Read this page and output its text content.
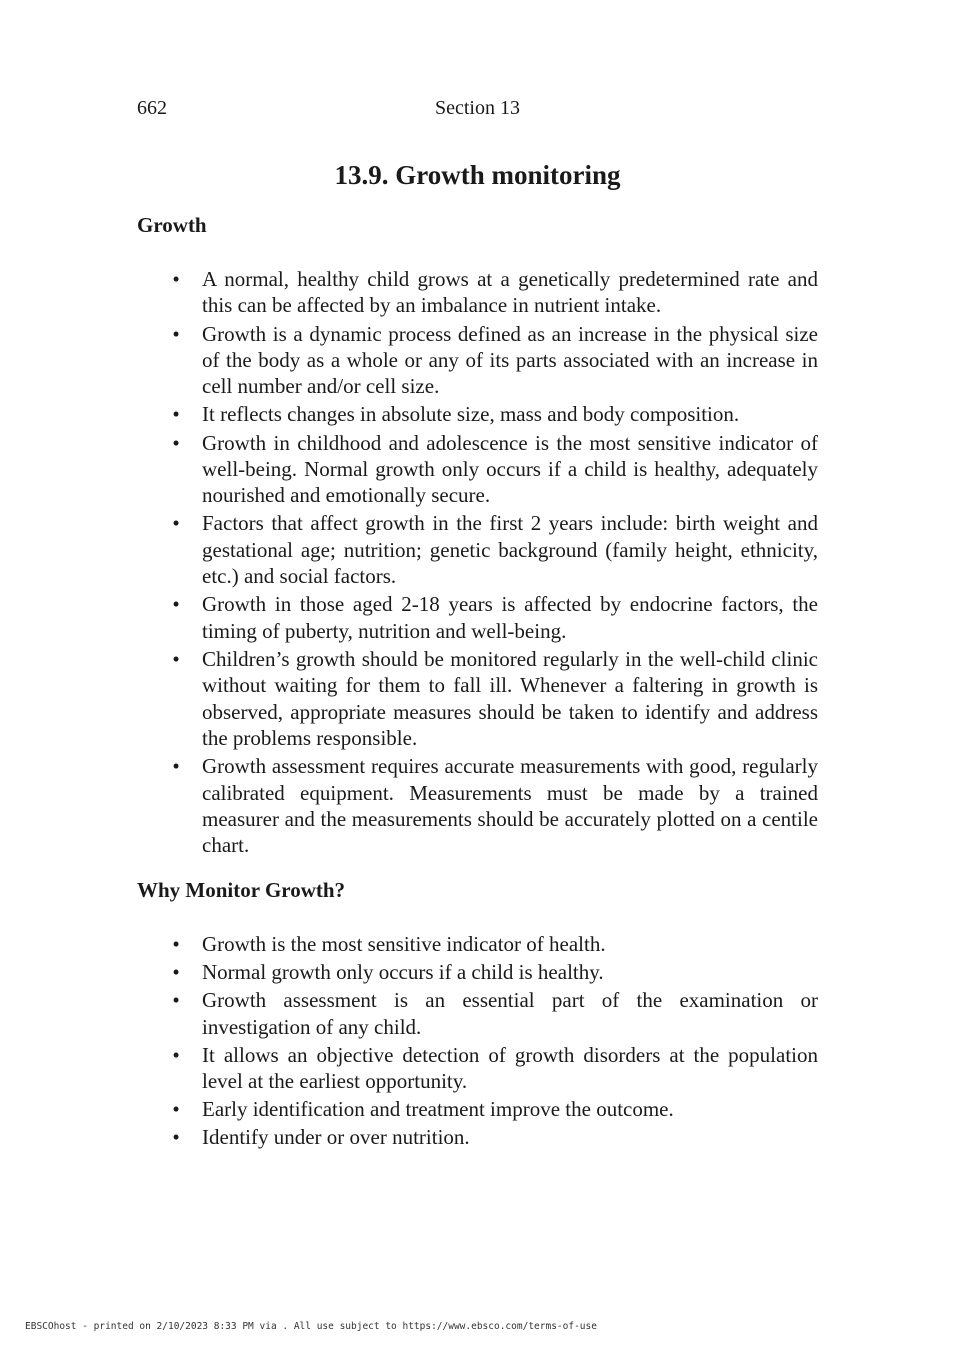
662	Section 13
13.9. Growth monitoring
Growth
• A normal, healthy child grows at a genetically predetermined rate and this can be affected by an imbalance in nutrient intake.
• Growth is a dynamic process defined as an increase in the physical size of the body as a whole or any of its parts associated with an increase in cell number and/or cell size.
• It reflects changes in absolute size, mass and body composition.
• Growth in childhood and adolescence is the most sensitive indicator of well-being. Normal growth only occurs if a child is healthy, adequately nourished and emotionally secure.
• Factors that affect growth in the first 2 years include: birth weight and gestational age; nutrition; genetic background (family height, ethnicity, etc.) and social factors.
• Growth in those aged 2-18 years is affected by endocrine factors, the timing of puberty, nutrition and well-being.
• Children’s growth should be monitored regularly in the well-child clinic without waiting for them to fall ill. Whenever a faltering in growth is observed, appropriate measures should be taken to identify and address the problems responsible.
• Growth assessment requires accurate measurements with good, regularly calibrated equipment. Measurements must be made by a trained measurer and the measurements should be accurately plotted on a centile chart.
Why Monitor Growth?
• Growth is the most sensitive indicator of health.
• Normal growth only occurs if a child is healthy.
• Growth assessment is an essential part of the examination or investigation of any child.
• It allows an objective detection of growth disorders at the population level at the earliest opportunity.
• Early identification and treatment improve the outcome.
• Identify under or over nutrition.
EBSCOhost - printed on 2/10/2023 8:33 PM via . All use subject to https://www.ebsco.com/terms-of-use
